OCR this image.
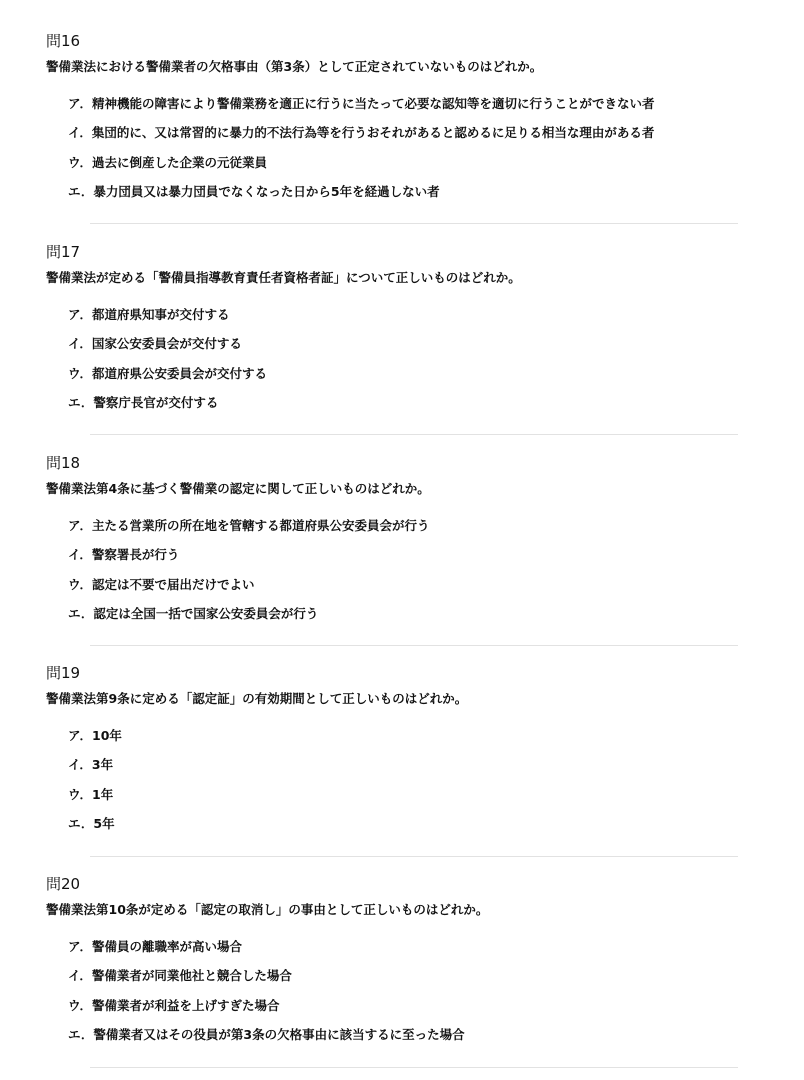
問16
警備業法における警備業者の欠格事由（第3条）として正定されていないものはどれか。
ア．精神機能の障害により警備業務を適正に行うに当たって必要な認知等を適切に行うことができない者
イ．集団的に、又は常習的に暴力的不法行為等を行うおそれがあると認めるに足りる相当な理由がある者
ウ．過去に倒産した企業の元従業員
エ．暴力団員又は暴力団員でなくなった日から5年を経過しない者
問17
警備業法が定める「警備員指導教育責任者資格者証」について正しいものはどれか。
ア．都道府県知事が交付する
イ．国家公安委員会が交付する
ウ．都道府県公安委員会が交付する
エ．警察庁長官が交付する
問18
警備業法第4条に基づく警備業の認定に関して正しいものはどれか。
ア．主たる営業所の所在地を管轄する都道府県公安委員会が行う
イ．警察署長が行う
ウ．認定は不要で届出だけでよい
エ．認定は全国一括で国家公安委員会が行う
問19
警備業法第9条に定める「認定証」の有効期間として正しいものはどれか。
ア．10年
イ．3年
ウ．1年
エ．5年
問20
警備業法第10条が定める「認定の取消し」の事由として正しいものはどれか。
ア．警備員の離職率が高い場合
イ．警備業者が同業他社と競合した場合
ウ．警備業者が利益を上げすぎた場合
エ．警備業者又はその役員が第3条の欠格事由に該当するに至った場合
